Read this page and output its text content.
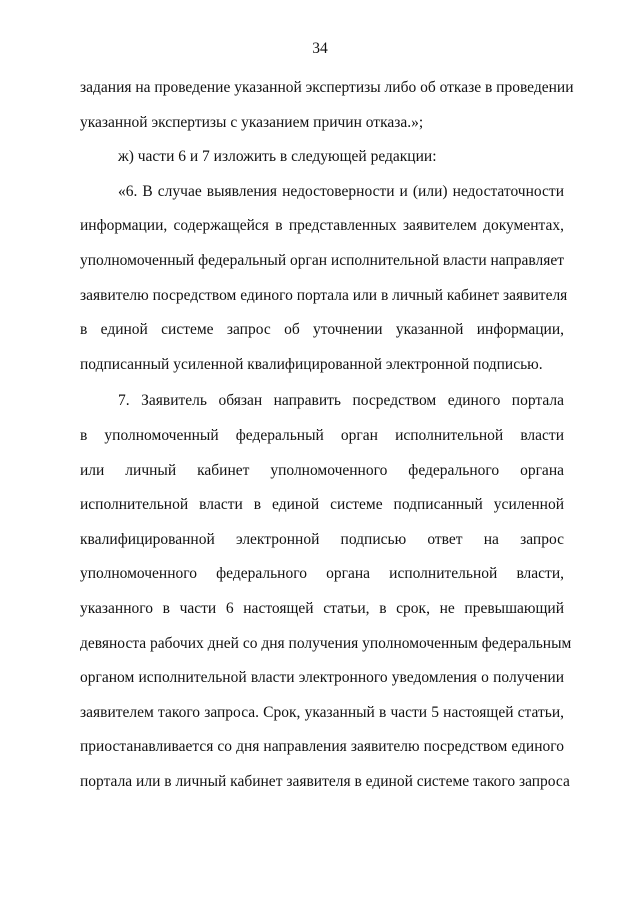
34
задания на проведение указанной экспертизы либо об отказе в проведении
указанной экспертизы с указанием причин отказа.»;
ж) части 6 и 7 изложить в следующей редакции:
«6. В случае выявления недостоверности и (или) недостаточности
информации, содержащейся в представленных заявителем документах,
уполномоченный федеральный орган исполнительной власти направляет
заявителю посредством единого портала или в личный кабинет заявителя
в единой системе запрос об уточнении указанной информации,
подписанный усиленной квалифицированной электронной подписью.
7. Заявитель обязан направить посредством единого портала
в уполномоченный федеральный орган исполнительной власти
или личный кабинет уполномоченного федерального органа
исполнительной власти в единой системе подписанный усиленной
квалифицированной электронной подписью ответ на запрос
уполномоченного федерального органа исполнительной власти,
указанного в части 6 настоящей статьи, в срок, не превышающий
девяноста рабочих дней со дня получения уполномоченным федеральным
органом исполнительной власти электронного уведомления о получении
заявителем такого запроса. Срок, указанный в части 5 настоящей статьи,
приостанавливается со дня направления заявителю посредством единого
портала или в личный кабинет заявителя в единой системе такого запроса
